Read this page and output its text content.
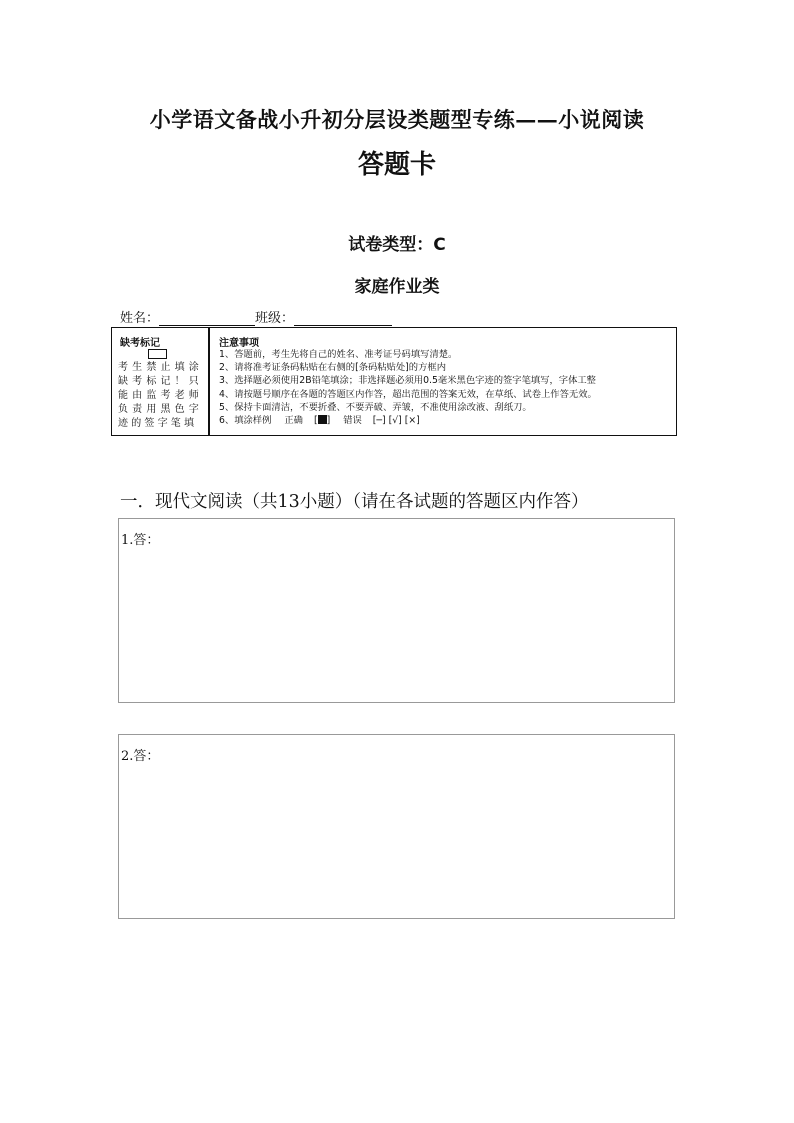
小学语文备战小升初分层设类题型专练——小说阅读
答题卡
试卷类型：C
家庭作业类
姓名：	班级：
缺考标记
考生禁止填涂缺考标记！只能由监考老师负责用黑色字迹的签字笔填
注意事项
1、答题前，考生先将自己的姓名、准考证号码填写清楚。
2、请将准考证条码粘贴在右侧的[条码粘贴处]的方框内
3、选择题必须使用2B铅笔填涂；非选择题必须用0.5毫米黑色字迹的签字笔填写，字体工整
4、请按题号顺序在各题的答题区内作答，超出范围的答案无效，在草纸、试卷上作答无效。
5、保持卡面清洁，不要折叠、不要弄破、弄皱，不准使用涂改液、刮纸刀。
6、填涂样例 正确 [ ] 错误 [─] [√] [×]
一．现代文阅读（共13小题）（请在各试题的答题区内作答）
1.答：
2.答：
